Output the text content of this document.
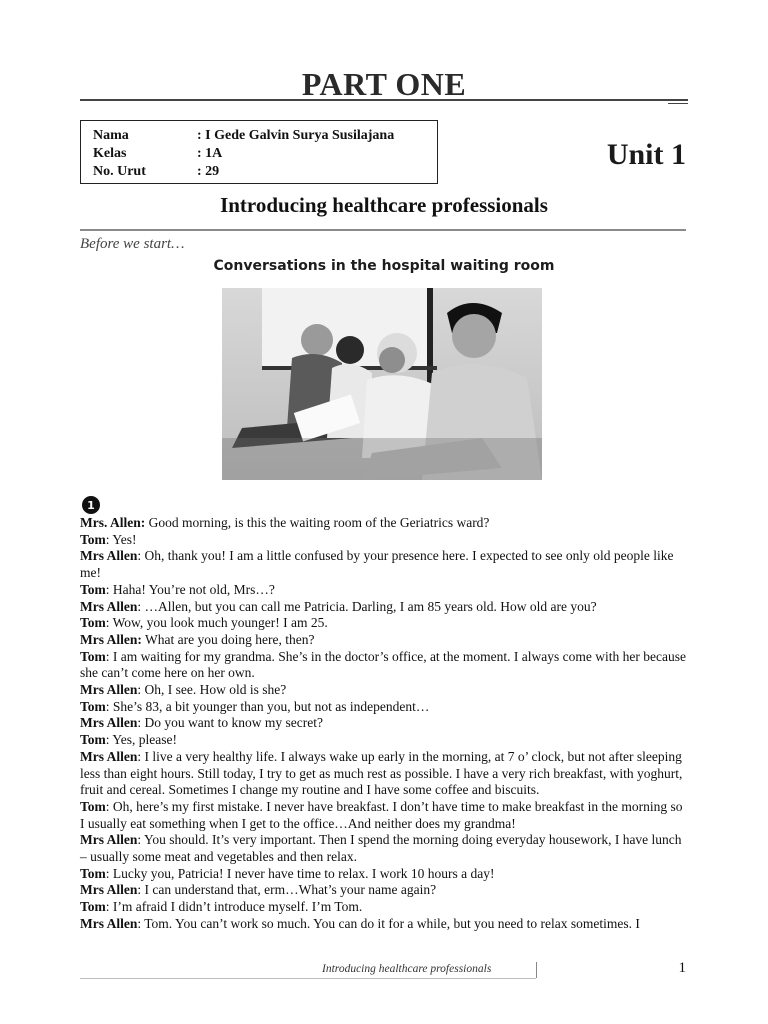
PART ONE
Nama	: I Gede Galvin Surya Susilajana
Kelas	: 1A
No. Urut	: 29
Unit 1
Introducing healthcare professionals
Before we start…
Conversations in the hospital waiting room
1

Mrs. Allen: Good morning, is this the waiting room of the Geriatrics ward?

Tom: Yes!

Mrs Allen: Oh, thank you! I am a little confused by your presence here. I expected to see only old people like me!

Tom: Haha! You’re not old, Mrs…?

Mrs Allen: …Allen, but you can call me Patricia. Darling, I am 85 years old. How old are you?

Tom: Wow, you look much younger! I am 25.

Mrs Allen: What are you doing here, then?

Tom: I am waiting for my grandma. She’s in the doctor’s office, at the moment. I always come with her because she can’t come here on her own.

Mrs Allen: Oh, I see. How old is she?

Tom: She’s 83, a bit younger than you, but not as independent…

Mrs Allen: Do you want to know my secret?

Tom: Yes, please!

Mrs Allen: I live a very healthy life. I always wake up early in the morning, at 7 o’ clock, but not after sleeping less than eight hours. Still today, I try to get as much rest as possible. I have a very rich breakfast, with yoghurt, fruit and cereal. Sometimes I change my routine and I have some coffee and biscuits.

Tom: Oh, here’s my first mistake. I never have breakfast. I don’t have time to make breakfast in the morning so I usually eat something when I get to the office…And neither does my grandma!

Mrs Allen: You should. It’s very important. Then I spend the morning doing everyday housework, I have lunch – usually some meat and vegetables and then relax.

Tom: Lucky you, Patricia! I never have time to relax. I work 10 hours a day!

Mrs Allen: I can understand that, erm…What’s your name again?

Tom: I’m afraid I didn’t introduce myself. I’m Tom.

Mrs Allen: Tom. You can’t work so much. You can do it for a while, but you need to relax sometimes. I

Introducing healthcare professionals	1
